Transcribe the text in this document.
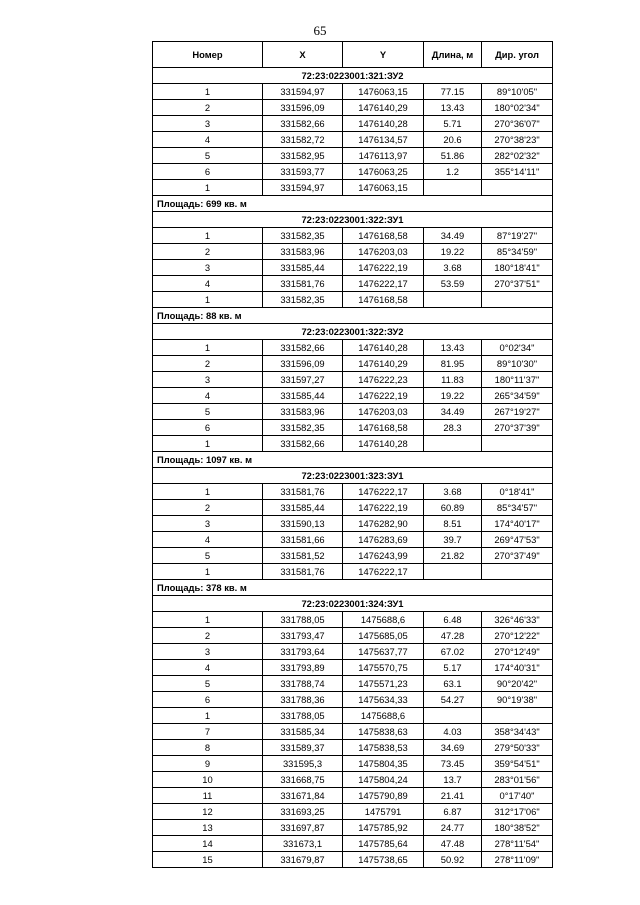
65
Номер	X	Y	Длина, м	Дир. угол
72:23:0223001:321:ЗУ2				
1	331594,97	1476063,15	77.15	89°10'05"
2	331596,09	1476140,29	13.43	180°02'34"
3	331582,66	1476140,28	5.71	270°36'07"
4	331582,72	1476134,57	20.6	270°38'23"
5	331582,95	1476113,97	51.86	282°02'32"
6	331593,77	1476063,25	1.2	355°14'11"
1	331594,97	1476063,15		
Площадь: 699 кв. м				
72:23:0223001:322:ЗУ1				
1	331582,35	1476168,58	34.49	87°19'27"
2	331583,96	1476203,03	19.22	85°34'59"
3	331585,44	1476222,19	3.68	180°18'41"
4	331581,76	1476222,17	53.59	270°37'51"
1	331582,35	1476168,58		
Площадь: 88 кв. м				
72:23:0223001:322:ЗУ2				
1	331582,66	1476140,28	13.43	0°02'34"
2	331596,09	1476140,29	81.95	89°10'30"
3	331597,27	1476222,23	11.83	180°11'37"
4	331585,44	1476222,19	19.22	265°34'59"
5	331583,96	1476203,03	34.49	267°19'27"
6	331582,35	1476168,58	28.3	270°37'39"
1	331582,66	1476140,28		
Площадь: 1097 кв. м				
72:23:0223001:323:ЗУ1				
1	331581,76	1476222,17	3.68	0°18'41"
2	331585,44	1476222,19	60.89	85°34'57"
3	331590,13	1476282,90	8.51	174°40'17"
4	331581,66	1476283,69	39.7	269°47'53"
5	331581,52	1476243,99	21.82	270°37'49"
1	331581,76	1476222,17		
Площадь: 378 кв. м				
72:23:0223001:324:ЗУ1				
1	331788,05	1475688,6	6.48	326°46'33"
2	331793,47	1475685,05	47.28	270°12'22"
3	331793,64	1475637,77	67.02	270°12'49"
4	331793,89	1475570,75	5.17	174°40'31"
5	331788,74	1475571,23	63.1	90°20'42"
6	331788,36	1475634,33	54.27	90°19'38"
1	331788,05	1475688,6		
7	331585,34	1475838,63	4.03	358°34'43"
8	331589,37	1475838,53	34.69	279°50'33"
9	331595,3	1475804,35	73.45	359°54'51"
10	331668,75	1475804,24	13.7	283°01'56"
11	331671,84	1475790,89	21.41	0°17'40"
12	331693,25	1475791	6.87	312°17'06"
13	331697,87	1475785,92	24.77	180°38'52"
14	331673,1	1475785,64	47.48	278°11'54"
15	331679,87	1475738,65	50.92	278°11'09"
